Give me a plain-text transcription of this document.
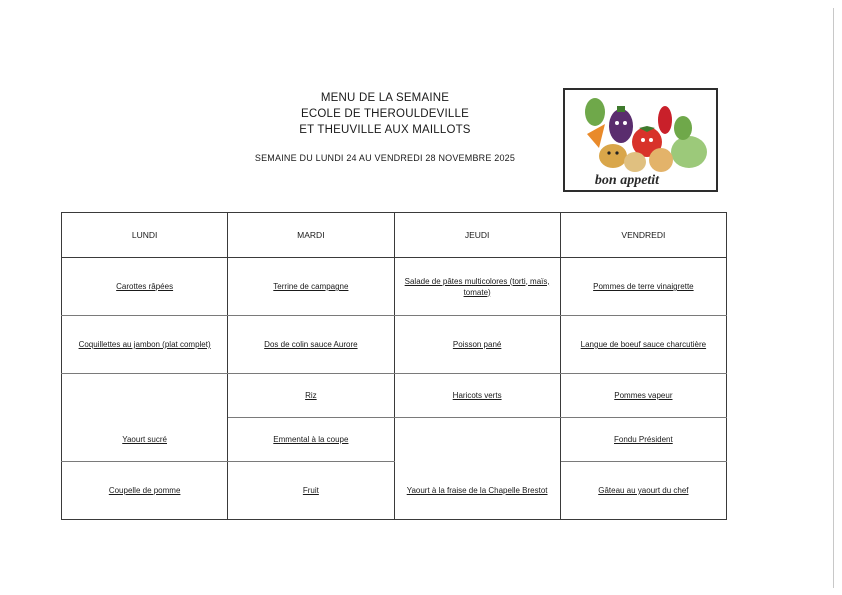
MENU DE LA SEMAINE
ECOLE DE THEROULDEVILLE
ET THEUVILLE AUX MAILLOTS
SEMAINE DU LUNDI 24 AU VENDREDI 28 NOVEMBRE 2025
bon appetit
LUNDI	MARDI	JEUDI	VENDREDI
Carottes râpées	Terrine de campagne	Salade de pâtes multicolores (torti, maïs, tomate)	Pommes de terre vinaigrette
Coquillettes au jambon (plat complet)	Dos de colin sauce Aurore	Poisson pané	Langue de boeuf sauce charcutière
	Riz	Haricots verts	Pommes vapeur
Yaourt sucré	Emmental à la coupe		Fondu Président
Coupelle de pomme	Fruit	Yaourt à la fraise de la Chapelle Brestot	Gâteau au yaourt du chef
